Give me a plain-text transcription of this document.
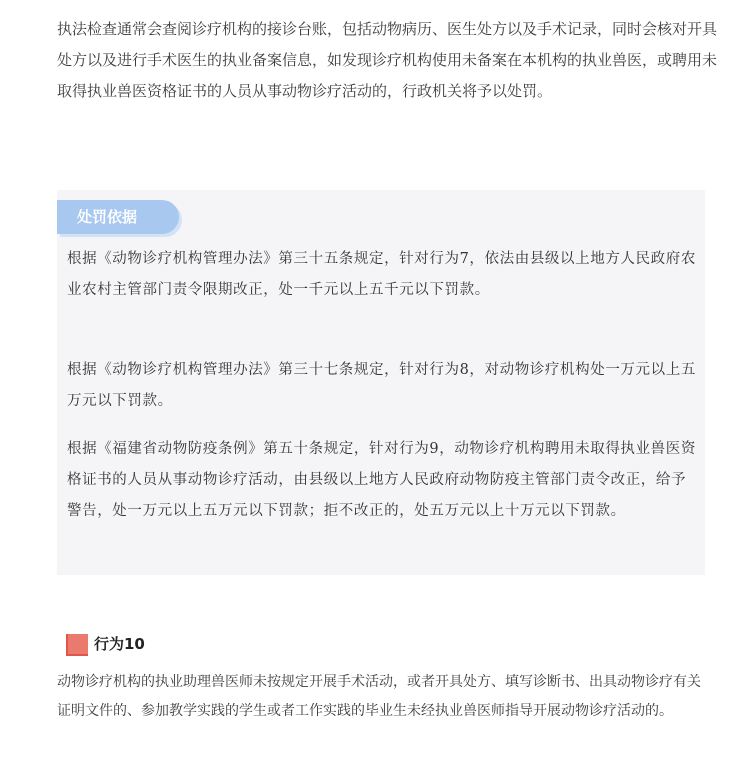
执法检查通常会查阅诊疗机构的接诊台账，包括动物病历、医生处方以及手术记录，同时会核对开具处方以及进行手术医生的执业备案信息，如发现诊疗机构使用未备案在本机构的执业兽医，或聘用未取得执业兽医资格证书的人员从事动物诊疗活动的，行政机关将予以处罚。

处罚依据

根据《动物诊疗机构管理办法》第三十五条规定，针对行为7，依法由县级以上地方人民政府农业农村主管部门责令限期改正，处一千元以上五千元以下罚款。

根据《动物诊疗机构管理办法》第三十七条规定，针对行为8，对动物诊疗机构处一万元以上五万元以下罚款。

根据《福建省动物防疫条例》第五十条规定，针对行为9，动物诊疗机构聘用未取得执业兽医资格证书的人员从事动物诊疗活动，由县级以上地方人民政府动物防疫主管部门责令改正，给予警告，处一万元以上五万元以下罚款；拒不改正的，处五万元以上十万元以下罚款。

行为10

动物诊疗机构的执业助理兽医师未按规定开展手术活动，或者开具处方、填写诊断书、出具动物诊疗有关证明文件的、参加教学实践的学生或者工作实践的毕业生未经执业兽医师指导开展动物诊疗活动的。
